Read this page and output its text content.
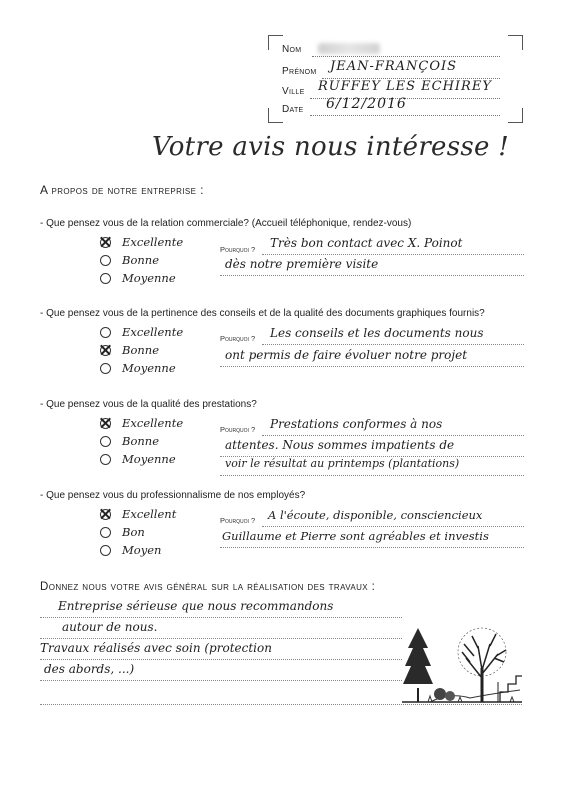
Nom
Prénom JEAN-FRANÇOIS
Ville RUFFEY LES ECHIREY
Date 6/12/2016
Votre avis nous intéresse !
A propos de notre entreprise :
- Que pensez vous de la relation commerciale? (Accueil téléphonique, rendez-vous)
Excellente
Bonne
Moyenne
Pourquoi ? Très bon contact avec X. Poinot
dès notre première visite
- Que pensez vous de la pertinence des conseils et de la qualité des documents graphiques fournis?
Excellente
Bonne
Moyenne
Pourquoi ? Les conseils et les documents nous
ont permis de faire évoluer notre projet
- Que pensez vous de la qualité des prestations?
Excellente
Bonne
Moyenne
Pourquoi ? Prestations conformes à nos
attentes. Nous sommes impatients de
voir le résultat au printemps (plantations)
- Que pensez vous du professionnalisme de nos employés?
Excellent
Bon
Moyen
Pourquoi ? A l'écoute, disponible, consciencieux
Guillaume et Pierre sont agréables et investis
Donnez nous votre avis général sur la réalisation des travaux :
Entreprise sérieuse que nous recommandons
autour de nous.
Travaux réalisés avec soin (protection
des abords, ...)
